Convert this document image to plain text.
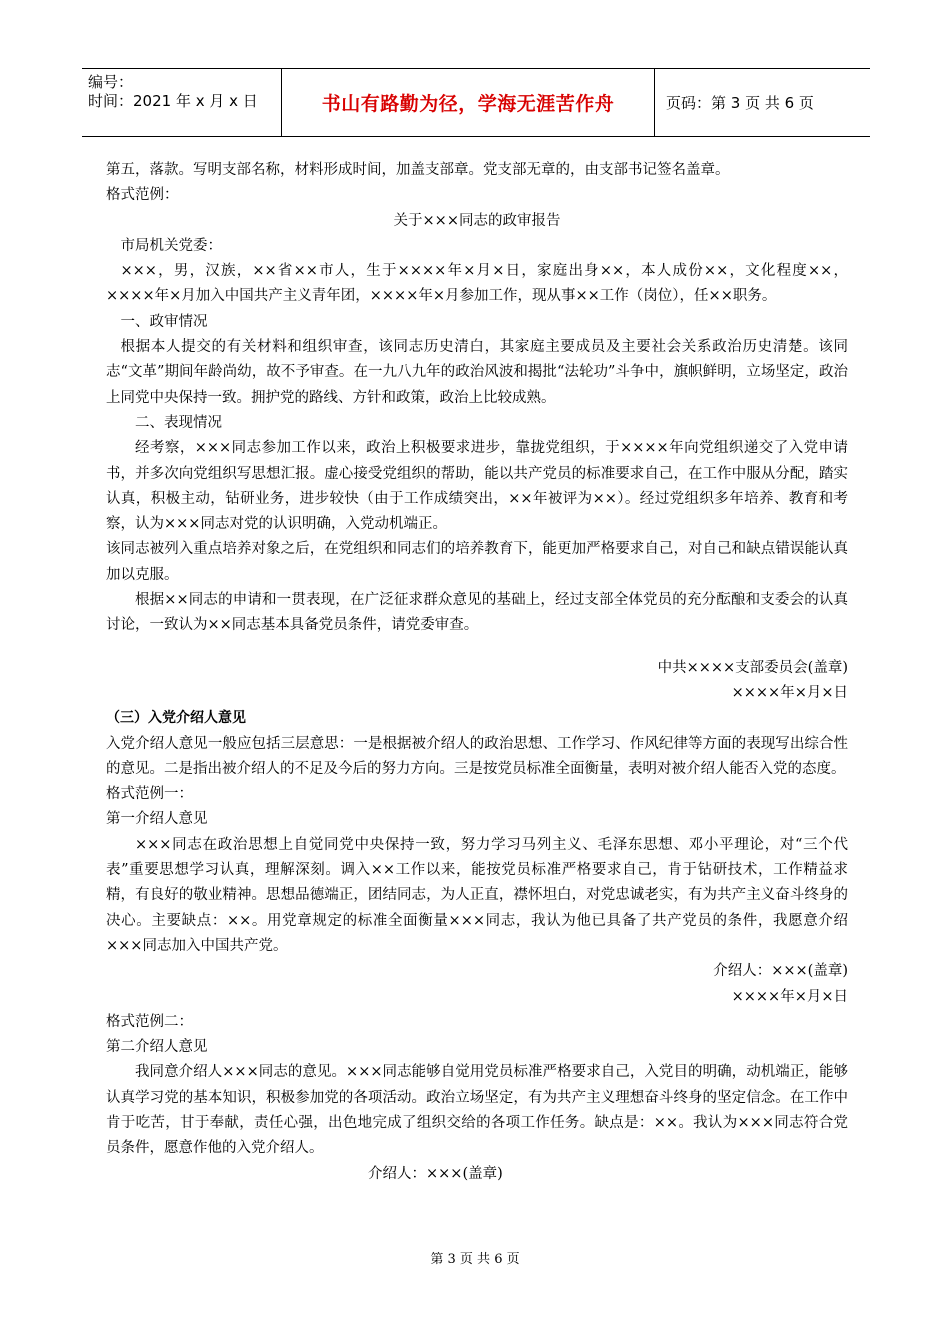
编号：
时间：2021 年 x 月 x 日	书山有路勤为径，学海无涯苦作舟	页码：第 3 页 共 6 页

第五，落款。写明支部名称，材料形成时间，加盖支部章。党支部无章的，由支部书记签名盖章。

格式范例：

关于×××同志的政审报告

市局机关党委：

×××，男，汉族，××省××市人，生于××××年×月×日，家庭出身××，本人成份××，文化程度××，××××年×月加入中国共产主义青年团，××××年×月参加工作，现从事××工作（岗位），任××职务。

一、政审情况

根据本人提交的有关材料和组织审查，该同志历史清白，其家庭主要成员及主要社会关系政治历史清楚。该同志“文革”期间年龄尚幼，故不予审查。在一九八九年的政治风波和揭批“法轮功”斗争中，旗帜鲜明，立场坚定，政治上同党中央保持一致。拥护党的路线、方针和政策，政治上比较成熟。

二、表现情况

经考察，×××同志参加工作以来，政治上积极要求进步，靠拢党组织，于××××年向党组织递交了入党申请书，并多次向党组织写思想汇报。虚心接受党组织的帮助，能以共产党员的标准要求自己，在工作中服从分配，踏实认真，积极主动，钻研业务，进步较快（由于工作成绩突出，××年被评为××）。经过党组织多年培养、教育和考察，认为×××同志对党的认识明确，入党动机端正。

该同志被列入重点培养对象之后，在党组织和同志们的培养教育下，能更加严格要求自己，对自己和缺点错误能认真加以克服。

根据××同志的申请和一贯表现，在广泛征求群众意见的基础上，经过支部全体党员的充分酝酿和支委会的认真讨论，一致认为××同志基本具备党员条件，请党委审查。

中共××××支部委员会(盖章)

××××年×月×日

（三）入党介绍人意见

入党介绍人意见一般应包括三层意思：一是根据被介绍人的政治思想、工作学习、作风纪律等方面的表现写出综合性的意见。二是指出被介绍人的不足及今后的努力方向。三是按党员标准全面衡量，表明对被介绍人能否入党的态度。

格式范例一：

第一介绍人意见

×××同志在政治思想上自觉同党中央保持一致，努力学习马列主义、毛泽东思想、邓小平理论，对“三个代表”重要思想学习认真，理解深刻。调入××工作以来，能按党员标准严格要求自己，肯于钻研技术，工作精益求精，有良好的敬业精神。思想品德端正，团结同志，为人正直，襟怀坦白，对党忠诚老实，有为共产主义奋斗终身的决心。主要缺点：××。用党章规定的标准全面衡量×××同志，我认为他已具备了共产党员的条件，我愿意介绍×××同志加入中国共产党。

介绍人：×××(盖章)

××××年×月×日

格式范例二：

第二介绍人意见

我同意介绍人×××同志的意见。×××同志能够自觉用党员标准严格要求自己，入党目的明确，动机端正，能够认真学习党的基本知识，积极参加党的各项活动。政治立场坚定，有为共产主义理想奋斗终身的坚定信念。在工作中肯于吃苦，甘于奉献，责任心强，出色地完成了组织交给的各项工作任务。缺点是：××。我认为×××同志符合党员条件，愿意作他的入党介绍人。

介绍人：×××(盖章)

第 3 页 共 6 页
